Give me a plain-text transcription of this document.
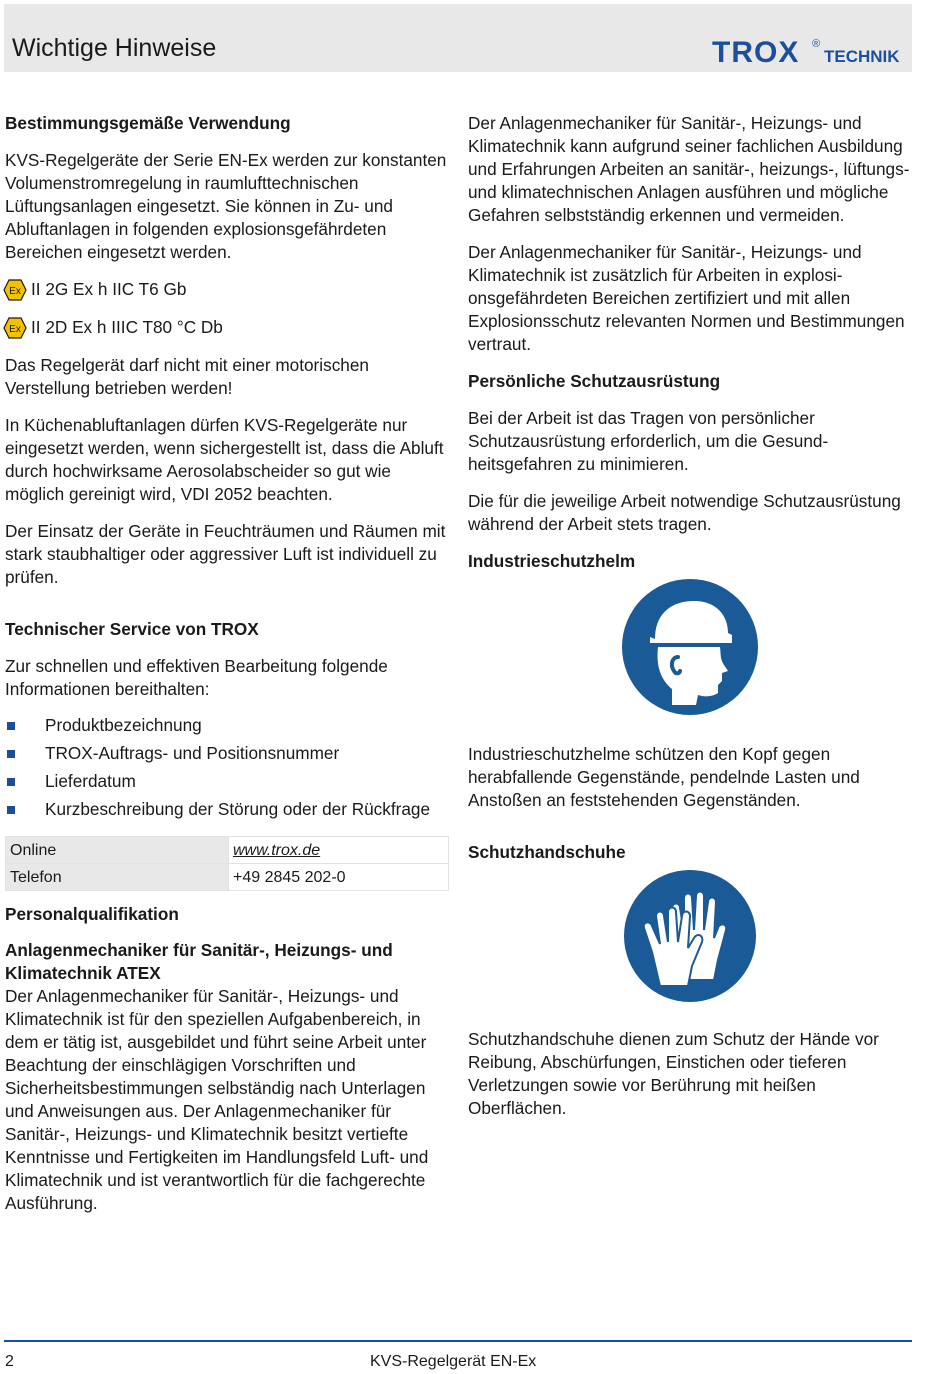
Wichtige Hinweise	TROX ®
TECHNIK

Bestimmungsgemäße Verwendung

KVS-Regelgeräte der Serie EN-Ex werden zur konstanten Volumenstromregelung in raumlufttechnischen Lüftungsanlagen eingesetzt. Sie können in Zu- und Abluftanlagen in folgenden explosionsgefährdeten Bereichen eingesetzt werden.

Ex II 2G Ex h IIC T6 Gb
Ex II 2D Ex h IIIC T80 °C Db

Das Regelgerät darf nicht mit einer motorischen Verstellung betrieben werden!

In Küchenabluftanlagen dürfen KVS-Regelgeräte nur eingesetzt werden, wenn sichergestellt ist, dass die Abluft durch hochwirksame Aerosolabscheider so gut wie möglich gereinigt wird, VDI 2052 beachten.

Der Einsatz der Geräte in Feuchträumen und Räumen mit stark staubhaltiger oder aggressiver Luft ist individuell zu prüfen.

Technischer Service von TROX

Zur schnellen und effektiven Bearbeitung folgende Informationen bereithalten:

Produktbezeichnung
TROX-Auftrags- und Positionsnummer
Lieferdatum
Kurzbeschreibung der Störung oder der Rückfrage
Online	www.trox.de
Telefon	+49 2845 202-0

Personalqualifikation

Anlagenmechaniker für Sanitär-, Heizungs- und Klimatechnik ATEX

Der Anlagenmechaniker für Sanitär-, Heizungs- und Klimatechnik ist für den speziellen Aufgabenbereich, in dem er tätig ist, ausgebildet und führt seine Arbeit unter Beachtung der einschlägigen Vorschriften und Sicherheitsbestimmungen selbständig nach Unterlagen und Anweisungen aus. Der Anlagenmechaniker für Sanitär-, Heizungs- und Klimatechnik besitzt vertiefte Kenntnisse und Fertigkeiten im Handlungsfeld Luft- und Klimatechnik und ist verantwortlich für die fachgerechte Ausführung.

Der Anlagenmechaniker für Sanitär-, Heizungs- und Klimatechnik kann aufgrund seiner fachlichen Ausbildung und Erfahrungen Arbeiten an sanitär-, heizungs-, lüftungs- und klimatechnischen Anlagen ausführen und mögliche Gefahren selbstständig erkennen und vermeiden.

Der Anlagenmechaniker für Sanitär-, Heizungs- und Klimatechnik ist zusätzlich für Arbeiten in explosionsgefährdeten Bereichen zertifiziert und mit allen Explosionsschutz relevanten Normen und Bestimmungen vertraut.

Persönliche Schutzausrüstung

Bei der Arbeit ist das Tragen von persönlicher Schutzausrüstung erforderlich, um die Gesundheitsgefahren zu minimieren.

Die für die jeweilige Arbeit notwendige Schutzausrüstung während der Arbeit stets tragen.

Industrieschutzhelm

Industrieschutzhelme schützen den Kopf gegen herabfallende Gegenstände, pendelnde Lasten und Anstoßen an feststehenden Gegenständen.

Schutzhandschuhe

Schutzhandschuhe dienen zum Schutz der Hände vor Reibung, Abschürfungen, Einstichen oder tieferen Verletzungen sowie vor Berührung mit heißen Oberflächen.

2	KVS-Regelgerät EN-Ex
